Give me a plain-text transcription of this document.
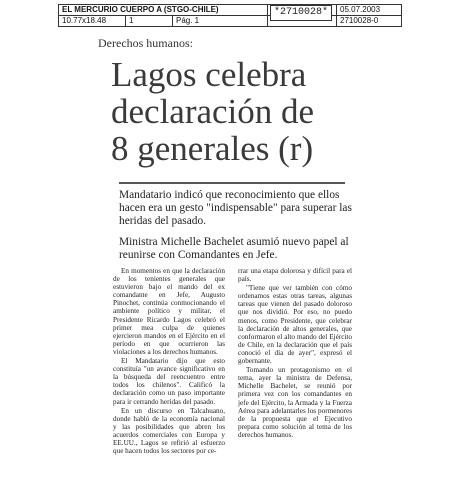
EL MERCURIO CUERPO A (STGO-CHILE)				05.07.2003
10.77x18.48	1	Pág. 1		2710028-0
*2710028*
Derechos humanos:
Lagos celebra
declaración de
8 generales (r)
Mandatario indicó que reconocimiento que ellos hacen era un gesto "indispensable" para superar las heridas del pasado.
Ministra Michelle Bachelet asumió nuevo papel al reunirse con Comandantes en Jefe.

En momentos en que la declaración de los tenientes generales que estuvieron bajo el mando del ex comandante en Jefe, Augusto Pinochet, continúa conmocionando el ambiente político y militar, el Presidente Ricardo Lagos celebró el primer mea culpa de quienes ejercieron mandos en el Ejército en el período en que ocurrieron las violaciones a los derechos humanos.

El Mandatario dijo que esto constituía "un avance significativo en la búsqueda del reencuentro entre todos los chilenos". Calificó la declaración como un paso importante para ir cerrando heridas del pasado.

En un discurso en Talcahuano, donde habló de la economía nacional y las posibilidades que abren los acuerdos comerciales con Europa y EE.UU., Lagos se refirió al esfuerzo que hacen todos los sectores por ce-

rrar una etapa dolorosa y difícil para el país.

"Tiene que ver también con cómo ordenamos estas otras tareas, algunas tareas que vienen del pasado doloroso que nos dividió. Por eso, no puedo menos, como Presidente, que celebrar la declaración de altos generales, que conformaron el alto mando del Ejército de Chile, en la declaración que el país conoció el día de ayer", expresó el gobernante.

Tomando un protagonismo en el tema, ayer la ministra de Defensa, Michelle Bachelet, se reunió por primera vez con los comandantes en jefe del Ejército, la Armada y la Fuerza Aérea para adelantarles los pormenores de la propuesta que el Ejecutivo prepara como solución al tema de los derechos humanos.
